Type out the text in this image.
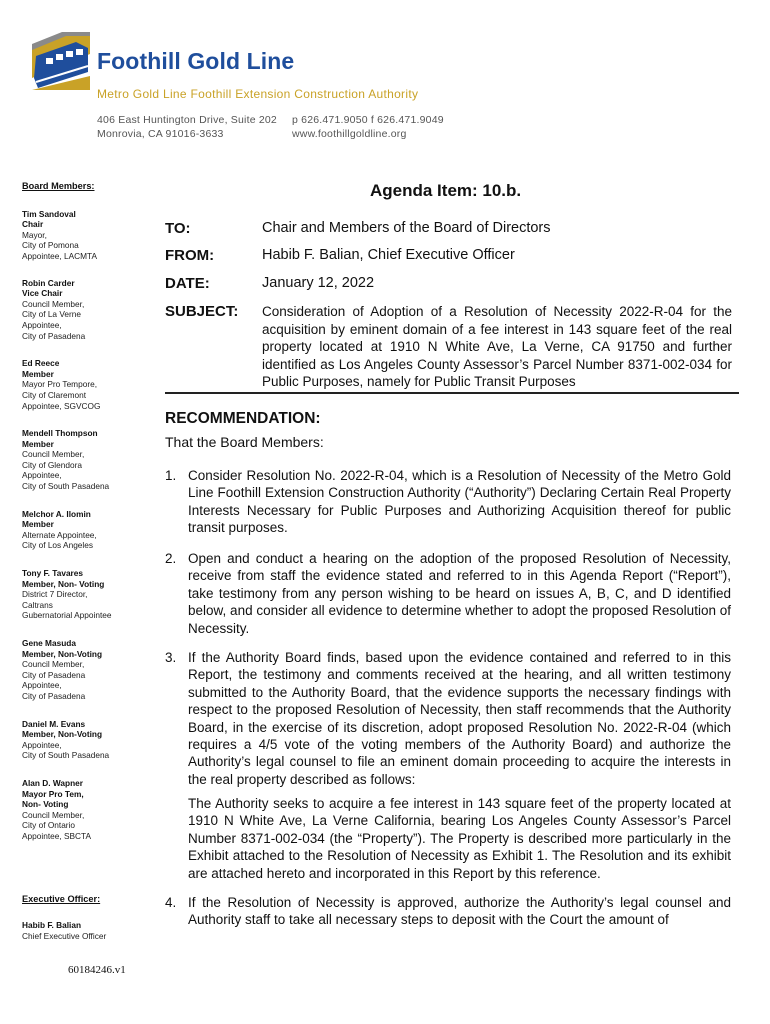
Foothill Gold Line
Metro Gold Line Foothill Extension Construction Authority
406 East Huntington Drive, Suite 202
Monrovia, CA 91016-3633
p 626.471.9050 f 626.471.9049
www.foothillgoldline.org
Board Members:
Tim Sandoval
Chair
Mayor,
City of Pomona
Appointee, LACMTA
Robin Carder
Vice Chair
Council Member,
City of La Verne
Appointee,
City of Pasadena
Ed Reece
Member
Mayor Pro Tempore,
City of Claremont
Appointee, SGVCOG
Mendell Thompson
Member
Council Member,
City of Glendora
Appointee,
City of South Pasadena
Melchor A. Ilomin
Member
Alternate Appointee,
City of Los Angeles
Tony F. Tavares
Member, Non- Voting
District 7 Director,
Caltrans
Gubernatorial Appointee
Gene Masuda
Member, Non-Voting
Council Member,
City of Pasadena
Appointee,
City of Pasadena
Daniel M. Evans
Member, Non-Voting
Appointee,
City of South Pasadena
Alan D. Wapner
Mayor Pro Tem,
Non- Voting
Council Member,
City of Ontario
Appointee, SBCTA
Executive Officer:
Habib F. Balian
Chief Executive Officer
60184246.v1
Agenda Item: 10.b.
TO:	Chair and Members of the Board of Directors
FROM:	Habib F. Balian, Chief Executive Officer
DATE:	January 12, 2022
SUBJECT: Consideration of Adoption of a Resolution of Necessity 2022-R-04 for the acquisition by eminent domain of a fee interest in 143 square feet of the real property located at 1910 N White Ave, La Verne, CA 91750 and further identified as Los Angeles County Assessor’s Parcel Number 8371-002-034 for Public Purposes, namely for Public Transit Purposes
RECOMMENDATION:
That the Board Members:
1. Consider Resolution No. 2022-R-04, which is a Resolution of Necessity of the Metro Gold Line Foothill Extension Construction Authority (“Authority”) Declaring Certain Real Property Interests Necessary for Public Purposes and Authorizing Acquisition thereof for public transit purposes.
2. Open and conduct a hearing on the adoption of the proposed Resolution of Necessity, receive from staff the evidence stated and referred to in this Agenda Report (“Report”), take testimony from any person wishing to be heard on issues A, B, C, and D identified below, and consider all evidence to determine whether to adopt the proposed Resolution of Necessity.
3. If the Authority Board finds, based upon the evidence contained and referred to in this Report, the testimony and comments received at the hearing, and all written testimony submitted to the Authority Board, that the evidence supports the necessary findings with respect to the proposed Resolution of Necessity, then staff recommends that the Authority Board, in the exercise of its discretion, adopt proposed Resolution No. 2022-R-04 (which requires a 4/5 vote of the voting members of the Authority Board) and authorize the Authority’s legal counsel to file an eminent domain proceeding to acquire the interests in the real property described as follows:
The Authority seeks to acquire a fee interest in 143 square feet of the property located at 1910 N White Ave, La Verne California, bearing Los Angeles County Assessor’s Parcel Number 8371-002-034 (the “Property”). The Property is described more particularly in the Exhibit attached to the Resolution of Necessity as Exhibit 1. The Resolution and its exhibit are attached hereto and incorporated in this Report by this reference.
4. If the Resolution of Necessity is approved, authorize the Authority’s legal counsel and Authority staff to take all necessary steps to deposit with the Court the amount of
